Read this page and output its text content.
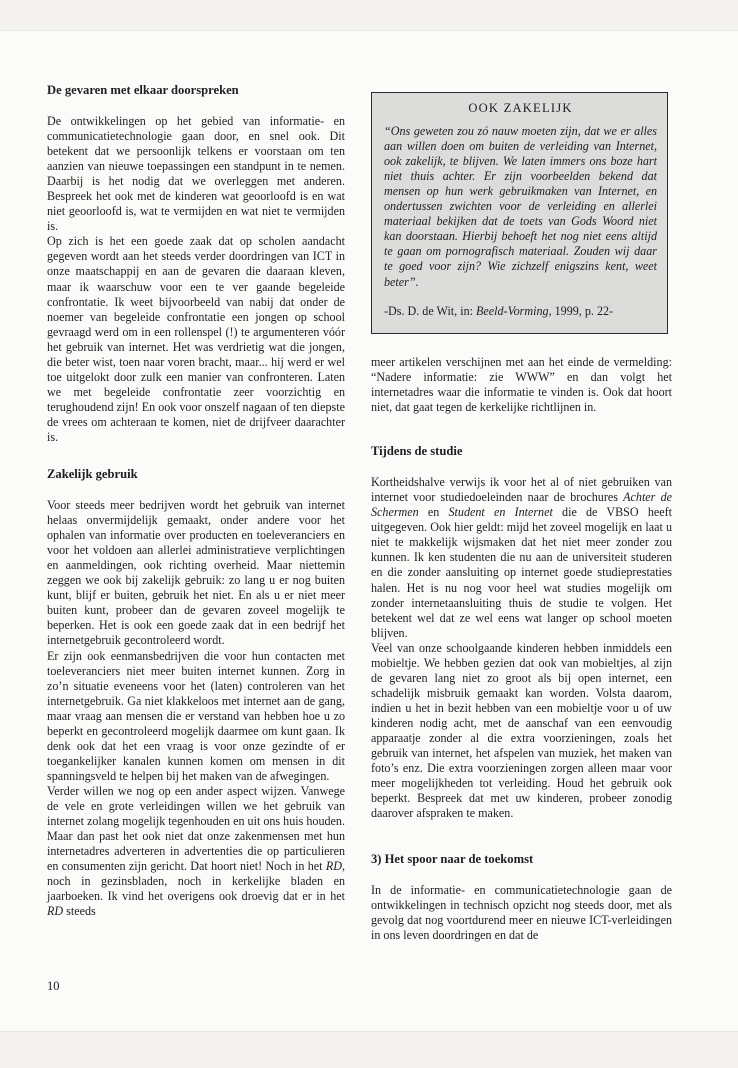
De gevaren met elkaar doorspreken

De ontwikkelingen op het gebied van informatie- en communicatietechnologie gaan door, en snel ook. Dit betekent dat we persoonlijk telkens er voorstaan om ten aanzien van nieuwe toepassingen een standpunt in te nemen. Daarbij is het nodig dat we overleggen met anderen. Bespreek het ook met de kinderen wat geoorloofd is en wat niet geoorloofd is, wat te vermijden en wat niet te vermijden is.

Op zich is het een goede zaak dat op scholen aandacht gegeven wordt aan het steeds verder doordringen van ICT in onze maatschappij en aan de gevaren die daaraan kleven, maar ik waarschuw voor een te ver gaande begeleide confrontatie. Ik weet bijvoorbeeld van nabij dat onder de noemer van begeleide confrontatie een jongen op school gevraagd werd om in een rollenspel (!) te argumenteren vóór het gebruik van internet. Het was verdrietig wat die jongen, die beter wist, toen naar voren bracht, maar... hij werd er wel toe uitgelokt door zulk een manier van confronteren. Laten we met begeleide confrontatie zeer voorzichtig en terughoudend zijn! En ook voor onszelf nagaan of ten diepste de vrees om achteraan te komen, niet de drijfveer daarachter is.

Zakelijk gebruik

Voor steeds meer bedrijven wordt het gebruik van internet helaas onvermijdelijk gemaakt, onder andere voor het ophalen van informatie over producten en toeleveranciers en voor het voldoen aan allerlei administratieve verplichtingen en aanmeldingen, ook richting overheid. Maar niettemin zeggen we ook bij zakelijk gebruik: zo lang u er nog buiten kunt, blijf er buiten, gebruik het niet. En als u er niet meer buiten kunt, probeer dan de gevaren zoveel mogelijk te beperken. Het is ook een goede zaak dat in een bedrijf het internetgebruik gecontroleerd wordt.

Er zijn ook eenmansbedrijven die voor hun contacten met toeleveranciers niet meer buiten internet kunnen. Zorg in zo’n situatie eveneens voor het (laten) controleren van het internetgebruik. Ga niet klakkeloos met internet aan de gang, maar vraag aan mensen die er verstand van hebben hoe u zo beperkt en gecontroleerd mogelijk daarmee om kunt gaan. Ik denk ook dat het een vraag is voor onze gezindte of er toegankelijker kanalen kunnen komen om mensen in dit spanningsveld te helpen bij het maken van de afwegingen.

Verder willen we nog op een ander aspect wijzen. Vanwege de vele en grote verleidingen willen we het gebruik van internet zolang mogelijk tegenhouden en uit ons huis houden. Maar dan past het ook niet dat onze zakenmensen met hun internetadres adverteren in advertenties die op particulieren en consumenten zijn gericht. Dat hoort niet! Noch in het RD, noch in gezinsbladen, noch in kerkelijke bladen en jaarboeken. Ik vind het overigens ook droevig dat er in het RD steeds

OOK ZAKELIJK

“Ons geweten zou zó nauw moeten zijn, dat we er alles aan willen doen om buiten de verleiding van Internet, ook zakelijk, te blijven. We laten immers ons boze hart niet thuis achter. Er zijn voorbeelden bekend dat mensen op hun werk gebruikmaken van Internet, en ondertussen zwichten voor de verleiding en allerlei materiaal bekijken dat de toets van Gods Woord niet kan doorstaan. Hierbij behoeft het nog niet eens altijd te gaan om pornografisch materiaal. Zouden wij daar te goed voor zijn? Wie zichzelf enigszins kent, weet beter”.

-Ds. D. de Wit, in: Beeld-Vorming, 1999, p. 22-

meer artikelen verschijnen met aan het einde de vermelding: “Nadere informatie: zie WWW” en dan volgt het internetadres waar die informatie te vinden is. Ook dat hoort niet, dat gaat tegen de kerkelijke richtlijnen in.

Tijdens de studie

Kortheidshalve verwijs ik voor het al of niet gebruiken van internet voor studiedoeleinden naar de brochures Achter de Schermen en Student en Internet die de VBSO heeft uitgegeven. Ook hier geldt: mijd het zoveel mogelijk en laat u niet te makkelijk wijsmaken dat het niet meer zonder zou kunnen. Ik ken studenten die nu aan de universiteit studeren en die zonder aansluiting op internet goede studieprestaties halen. Het is nu nog voor heel wat studies mogelijk om zonder internetaansluiting thuis de studie te volgen. Het betekent wel dat ze wel eens wat langer op school moeten blijven.

Veel van onze schoolgaande kinderen hebben inmiddels een mobieltje. We hebben gezien dat ook van mobieltjes, al zijn de gevaren lang niet zo groot als bij open internet, een schadelijk misbruik gemaakt kan worden. Volsta daarom, indien u het in bezit hebben van een mobieltje voor u of uw kinderen nodig acht, met de aanschaf van een eenvoudig apparaatje zonder al die extra voorzieningen, zoals het gebruik van internet, het afspelen van muziek, het maken van foto’s enz. Die extra voorzieningen zorgen alleen maar voor meer mogelijkheden tot verleiding. Houd het gebruik ook beperkt. Bespreek dat met uw kinderen, probeer zonodig daarover afspraken te maken.

3) Het spoor naar de toekomst

In de informatie- en communicatietechnologie gaan de ontwikkelingen in technisch opzicht nog steeds door, met als gevolg dat nog voortdurend meer en nieuwe ICT-verleidingen in ons leven doordringen en dat de

10
